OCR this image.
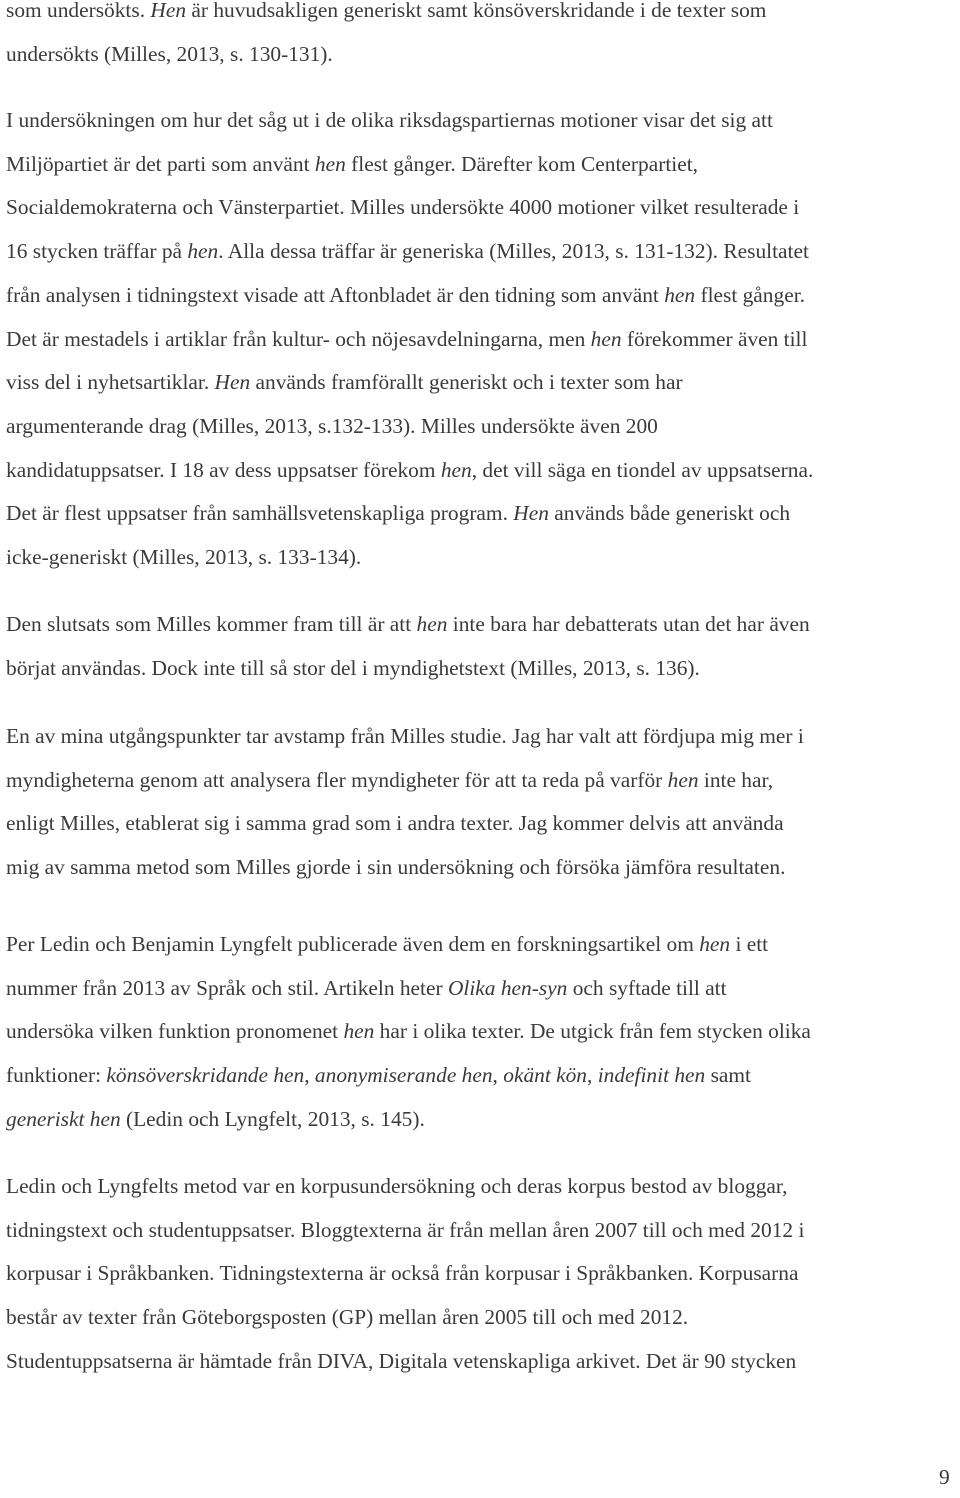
som undersökts. Hen är huvudsakligen generiskt samt könsöverskridande i de texter som
undersökts (Milles, 2013, s. 130-131).
I undersökningen om hur det såg ut i de olika riksdagspartiernas motioner visar det sig att
Miljöpartiet är det parti som använt hen flest gånger. Därefter kom Centerpartiet,
Socialdemokraterna och Vänsterpartiet. Milles undersökte 4000 motioner vilket resulterade i
16 stycken träffar på hen. Alla dessa träffar är generiska (Milles, 2013, s. 131-132). Resultatet
från analysen i tidningstext visade att Aftonbladet är den tidning som använt hen flest gånger.
Det är mestadels i artiklar från kultur- och nöjesavdelningarna, men hen förekommer även till
viss del i nyhetsartiklar. Hen används framförallt generiskt och i texter som har
argumenterande drag (Milles, 2013, s.132-133). Milles undersökte även 200
kandidatuppsatser. I 18 av dess uppsatser förekom hen, det vill säga en tiondel av uppsatserna.
Det är flest uppsatser från samhällsvetenskapliga program. Hen används både generiskt och
icke-generiskt (Milles, 2013, s. 133-134).
Den slutsats som Milles kommer fram till är att hen inte bara har debatterats utan det har även
börjat användas. Dock inte till så stor del i myndighetstext (Milles, 2013, s. 136).
En av mina utgångspunkter tar avstamp från Milles studie. Jag har valt att fördjupa mig mer i
myndigheterna genom att analysera fler myndigheter för att ta reda på varför hen inte har,
enligt Milles, etablerat sig i samma grad som i andra texter. Jag kommer delvis att använda
mig av samma metod som Milles gjorde i sin undersökning och försöka jämföra resultaten.
Per Ledin och Benjamin Lyngfelt publicerade även dem en forskningsartikel om hen i ett
nummer från 2013 av Språk och stil. Artikeln heter Olika hen-syn och syftade till att
undersöka vilken funktion pronomenet hen har i olika texter. De utgick från fem stycken olika
funktioner: könsöverskridande hen, anonymiserande hen, okänt kön, indefinit hen samt
generiskt hen (Ledin och Lyngfelt, 2013, s. 145).
Ledin och Lyngfelts metod var en korpusundersökning och deras korpus bestod av bloggar,
tidningstext och studentuppsatser. Bloggtexterna är från mellan åren 2007 till och med 2012 i
korpusar i Språkbanken. Tidningstexterna är också från korpusar i Språkbanken. Korpusarna
består av texter från Göteborgsposten (GP) mellan åren 2005 till och med 2012.
Studentuppsatserna är hämtade från DIVA, Digitala vetenskapliga arkivet. Det är 90 stycken
9
